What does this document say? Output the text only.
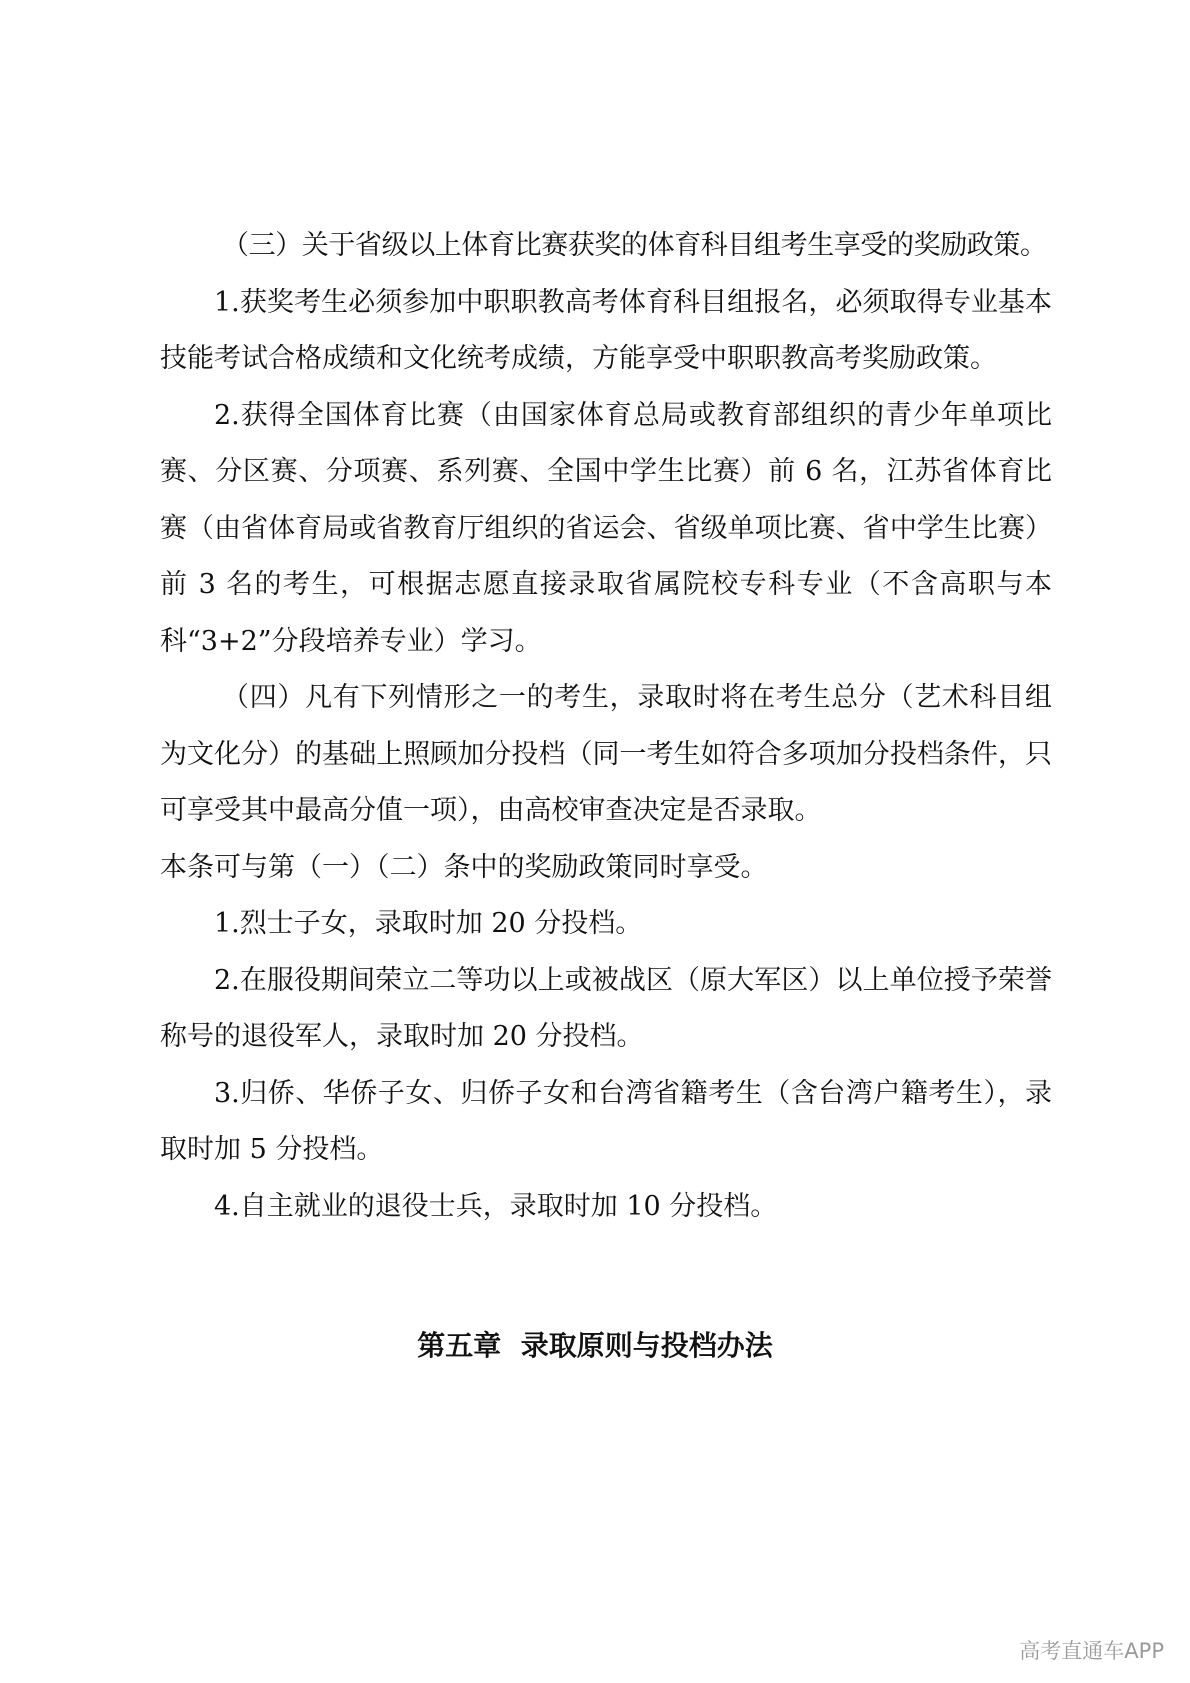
（三）关于省级以上体育比赛获奖的体育科目组考生享受的奖励政策。

1.获奖考生必须参加中职职教高考体育科目组报名，必须取得专业基本技能考试合格成绩和文化统考成绩，方能享受中职职教高考奖励政策。

2.获得全国体育比赛（由国家体育总局或教育部组织的青少年单项比赛、分区赛、分项赛、系列赛、全国中学生比赛）前 6 名，江苏省体育比赛（由省体育局或省教育厅组织的省运会、省级单项比赛、省中学生比赛）前 3 名的考生，可根据志愿直接录取省属院校专科专业（不含高职与本科“3+2”分段培养专业）学习。

（四）凡有下列情形之一的考生，录取时将在考生总分（艺术科目组为文化分）的基础上照顾加分投档（同一考生如符合多项加分投档条件，只可享受其中最高分值一项），由高校审查决定是否录取。

本条可与第（一）（二）条中的奖励政策同时享受。

1.烈士子女，录取时加 20 分投档。

2.在服役期间荣立二等功以上或被战区（原大军区）以上单位授予荣誉称号的退役军人，录取时加 20 分投档。

3.归侨、华侨子女、归侨子女和台湾省籍考生（含台湾户籍考生），录取时加 5 分投档。

4.自主就业的退役士兵，录取时加 10 分投档。

第五章  录取原则与投档办法
高考直通车APP
